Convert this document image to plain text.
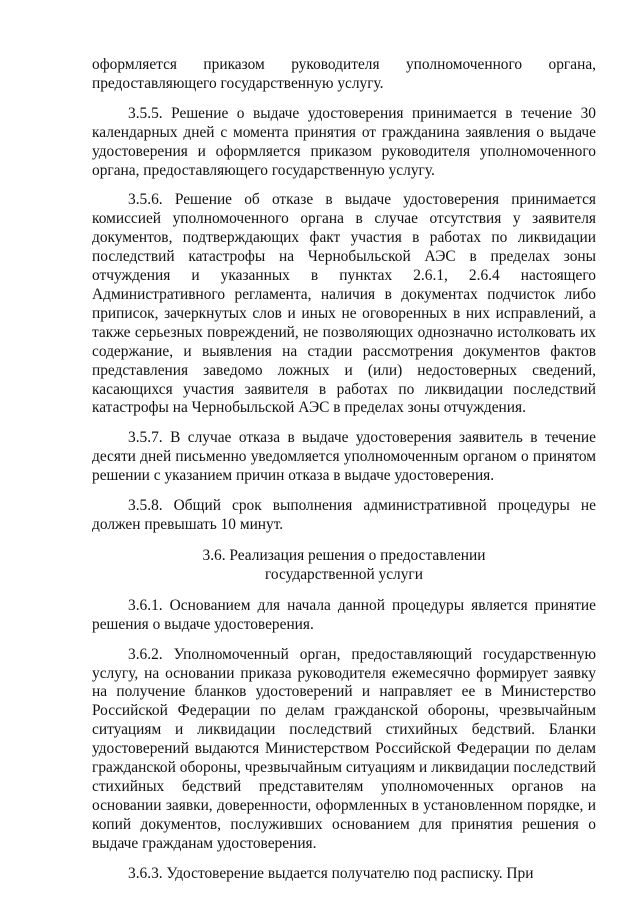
оформляется приказом руководителя уполномоченного органа, предоставляющего государственную услугу.

3.5.5. Решение о выдаче удостоверения принимается в течение 30 календарных дней с момента принятия от гражданина заявления о выдаче удостоверения и оформляется приказом руководителя уполномоченного органа, предоставляющего государственную услугу.

3.5.6. Решение об отказе в выдаче удостоверения принимается комиссией уполномоченного органа в случае отсутствия у заявителя документов, подтверждающих факт участия в работах по ликвидации последствий катастрофы на Чернобыльской АЭС в пределах зоны отчуждения и указанных в пунктах 2.6.1, 2.6.4 настоящего Административного регламента, наличия в документах подчисток либо приписок, зачеркнутых слов и иных не оговоренных в них исправлений, а также серьезных повреждений, не позволяющих однозначно истолковать их содержание, и выявления на стадии рассмотрения документов фактов представления заведомо ложных и (или) недостоверных сведений, касающихся участия заявителя в работах по ликвидации последствий катастрофы на Чернобыльской АЭС в пределах зоны отчуждения.

3.5.7. В случае отказа в выдаче удостоверения заявитель в течение десяти дней письменно уведомляется уполномоченным органом о принятом решении с указанием причин отказа в выдаче удостоверения.

3.5.8. Общий срок выполнения административной процедуры не должен превышать 10 минут.

3.6. Реализация решения о предоставлении
государственной услуги

3.6.1. Основанием для начала данной процедуры является принятие решения о выдаче удостоверения.

3.6.2. Уполномоченный орган, предоставляющий государственную услугу, на основании приказа руководителя ежемесячно формирует заявку на получение бланков удостоверений и направляет ее в Министерство Российской Федерации по делам гражданской обороны, чрезвычайным ситуациям и ликвидации последствий стихийных бедствий. Бланки удостоверений выдаются Министерством Российской Федерации по делам гражданской обороны, чрезвычайным ситуациям и ликвидации последствий стихийных бедствий представителям уполномоченных органов на основании заявки, доверенности, оформленных в установленном порядке, и копий документов, послуживших основанием для принятия решения о выдаче гражданам удостоверения.

3.6.3. Удостоверение выдается получателю под расписку. При
